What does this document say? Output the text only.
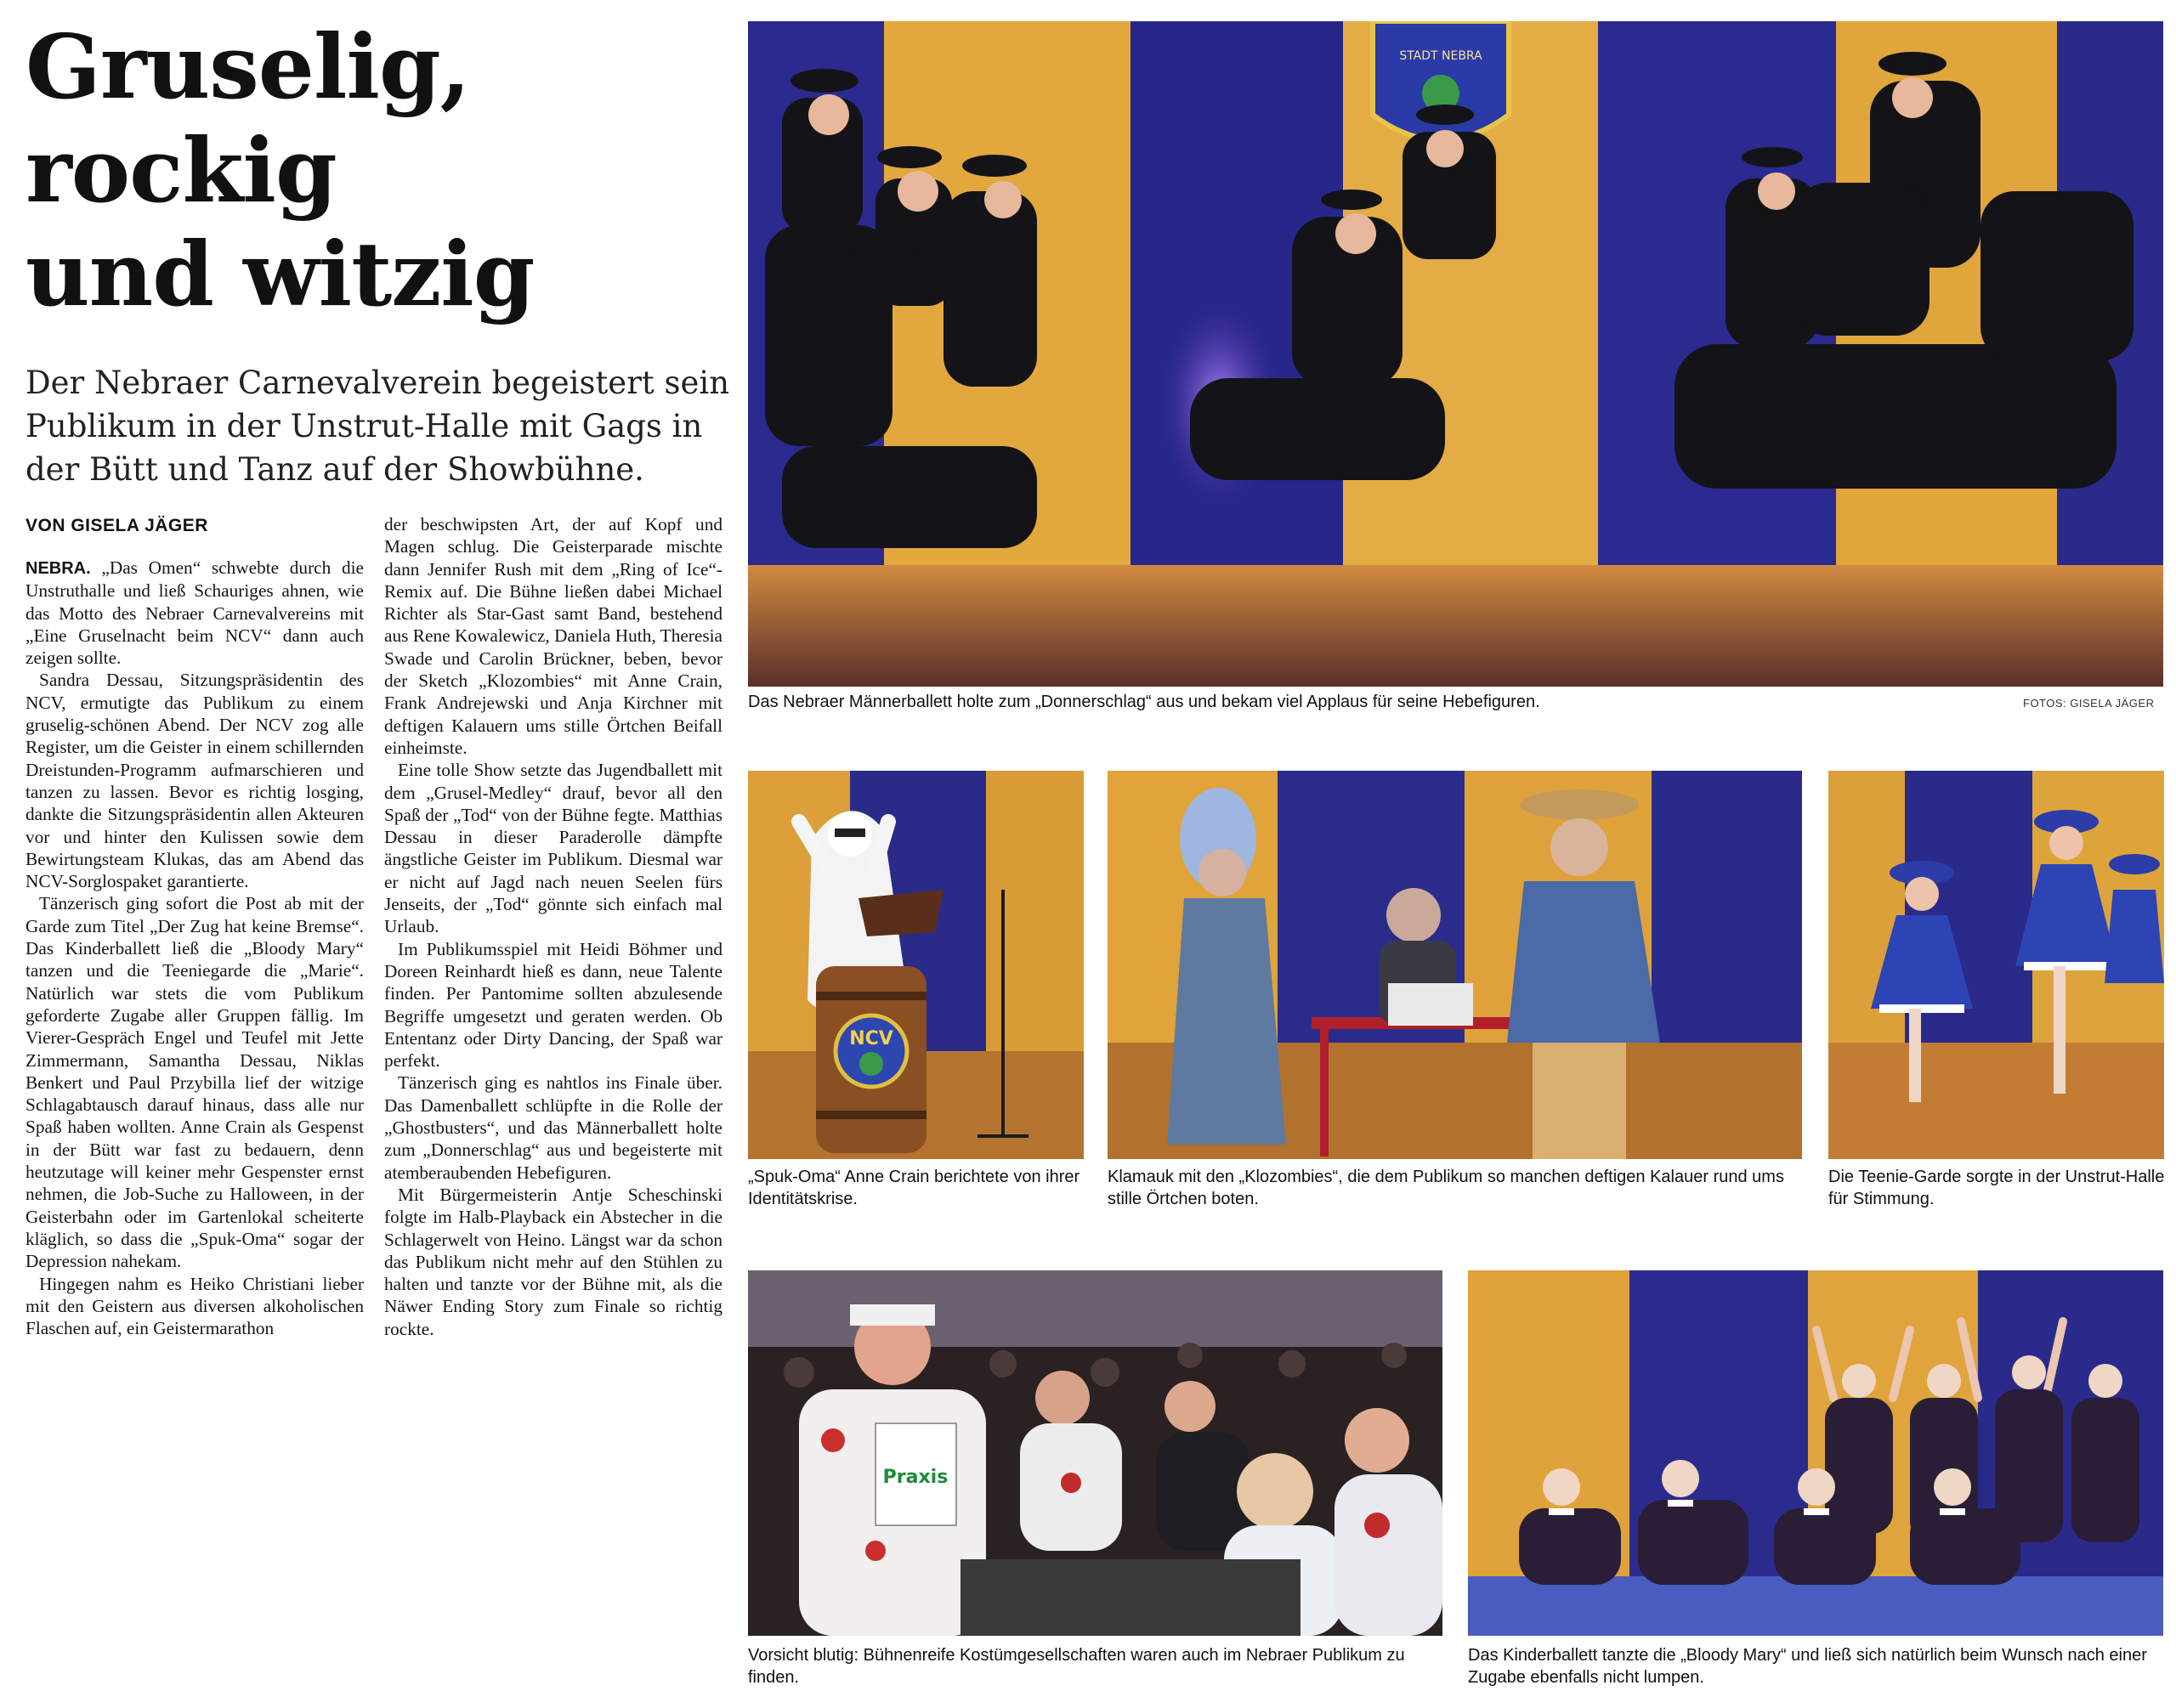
Gruselig,
rockig
und witzig

Der Nebraer Carnevalverein begeistert sein Publikum in der Unstrut-Halle mit Gags in der Bütt und Tanz auf der Showbühne.

VON GISELA JÄGER

NEBRA. „Das Omen“ schwebte durch die Unstruthalle und ließ Schauriges ahnen, wie das Motto des Nebraer Carnevalvereins mit „Eine Gruselnacht beim NCV“ dann auch zeigen sollte.

Sandra Dessau, Sitzungspräsidentin des NCV, ermutigte das Publikum zu einem gruselig-schönen Abend. Der NCV zog alle Register, um die Geister in einem schillernden Dreistunden-Programm aufmarschieren und tanzen zu lassen. Bevor es richtig losging, dankte die Sitzungspräsidentin allen Akteuren vor und hinter den Kulissen sowie dem Bewirtungsteam Klukas, das am Abend das NCV-Sorglospaket garantierte.

Tänzerisch ging sofort die Post ab mit der Garde zum Titel „Der Zug hat keine Bremse“. Das Kinderballett ließ die „Bloody Mary“ tanzen und die Teeniegarde die „Marie“. Natürlich war stets die vom Publikum geforderte Zugabe aller Gruppen fällig. Im Vierer-Gespräch Engel und Teufel mit Jette Zimmermann, Samantha Dessau, Niklas Benkert und Paul Przybilla lief der witzige Schlagabtausch darauf hinaus, dass alle nur Spaß haben wollten. Anne Crain als Gespenst in der Bütt war fast zu bedauern, denn heutzutage will keiner mehr Gespenster ernst nehmen, die Job-Suche zu Halloween, in der Geisterbahn oder im Gartenlokal scheiterte kläglich, so dass die „Spuk-Oma“ sogar der Depression nahekam.

Hingegen nahm es Heiko Christiani lieber mit den Geistern aus diversen alkoholischen Flaschen auf, ein Geistermarathon

der beschwipsten Art, der auf Kopf und Magen schlug. Die Geisterparade mischte dann Jennifer Rush mit dem „Ring of Ice“-Remix auf. Die Bühne ließen dabei Michael Richter als Star-Gast samt Band, bestehend aus Rene Kowalewicz, Daniela Huth, Theresia Swade und Carolin Brückner, beben, bevor der Sketch „Klozombies“ mit Anne Crain, Frank Andrejewski und Anja Kirchner mit deftigen Kalauern ums stille Örtchen Beifall einheimste.

Eine tolle Show setzte das Jugendballett mit dem „Grusel-Medley“ drauf, bevor all den Spaß der „Tod“ von der Bühne fegte. Matthias Dessau in dieser Paraderolle dämpfte ängstliche Geister im Publikum. Diesmal war er nicht auf Jagd nach neuen Seelen fürs Jenseits, der „Tod“ gönnte sich einfach mal Urlaub.

Im Publikumsspiel mit Heidi Böhmer und Doreen Reinhardt hieß es dann, neue Talente finden. Per Pantomime sollten abzulesende Begriffe umgesetzt und geraten werden. Ob Ententanz oder Dirty Dancing, der Spaß war perfekt.

Tänzerisch ging es nahtlos ins Finale über. Das Damenballett schlüpfte in die Rolle der „Ghostbusters“, und das Männerballett holte zum „Donnerschlag“ aus und begeisterte mit atemberaubenden Hebefiguren.

Mit Bürgermeisterin Antje Scheschinski folgte im Halb-Playback ein Abstecher in die Schlagerwelt von Heino. Längst war da schon das Publikum nicht mehr auf den Stühlen zu halten und tanzte vor der Bühne mit, als die Näwer Ending Story zum Finale so richtig rockte.

STADT NEBRA
Das Nebraer Männerballett holte zum „Donnerschlag“ aus und bekam viel Applaus für seine Hebefiguren.	FOTOS: GISELA JÄGER
NCV
„Spuk-Oma“ Anne Crain berichtete von ihrer Identitätskrise.
Klamauk mit den „Klozombies“, die dem Publikum so manchen deftigen Kalauer rund ums stille Örtchen boten.
Die Teenie-Garde sorgte in der Unstrut-Halle für Stimmung.
Praxis
Vorsicht blutig: Bühnenreife Kostümgesellschaften waren auch im Nebraer Publikum zu finden.
Das Kinderballett tanzte die „Bloody Mary“ und ließ sich natürlich beim Wunsch nach einer Zugabe ebenfalls nicht lumpen.
